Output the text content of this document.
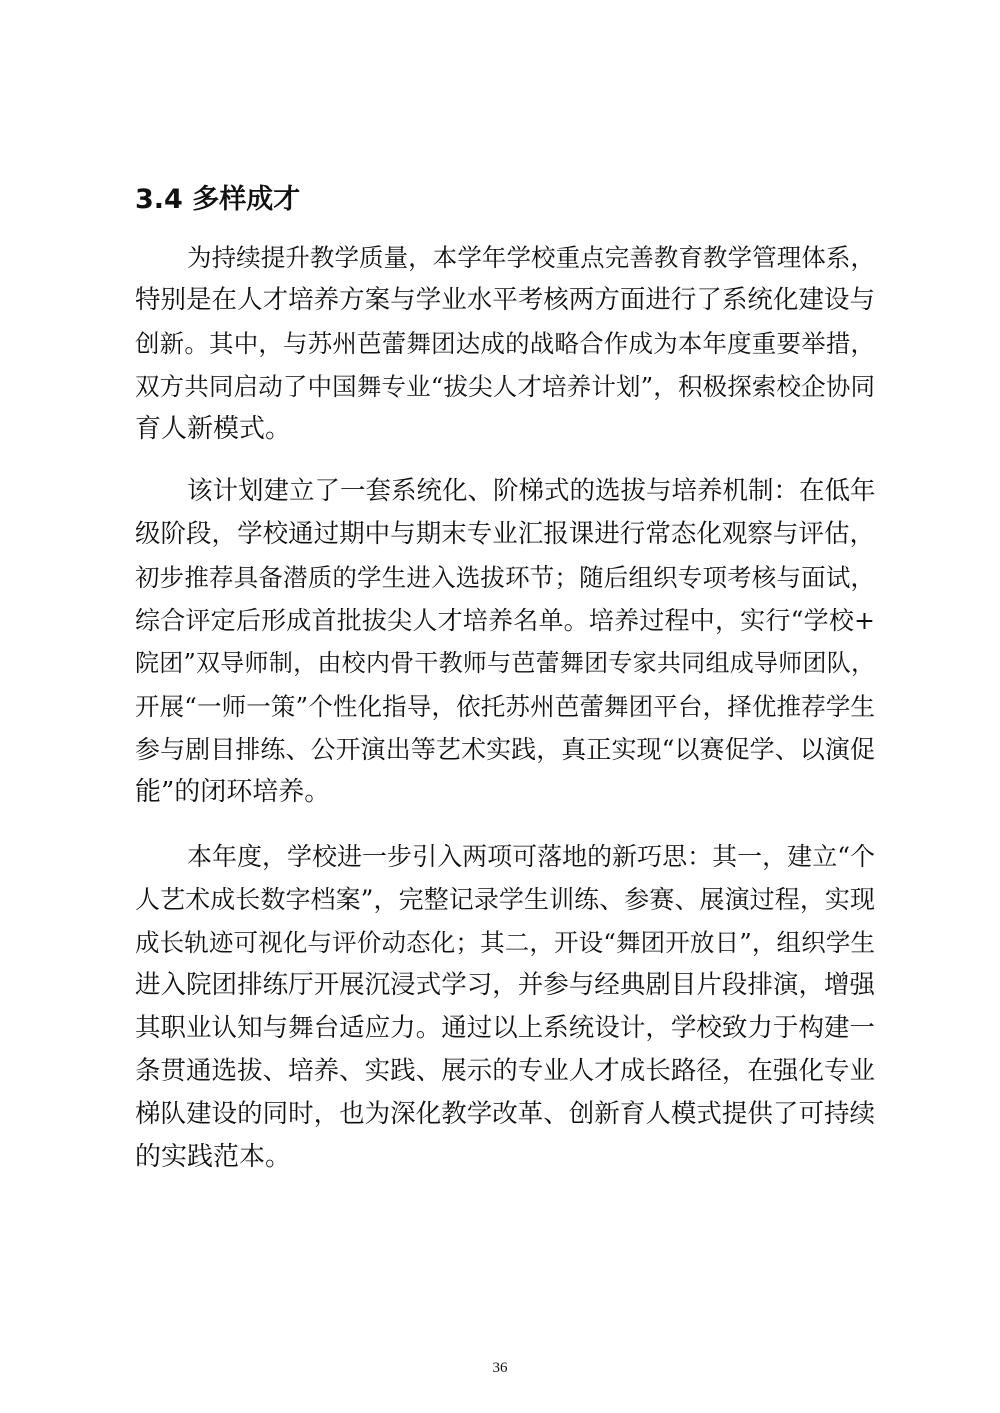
3.4 多样成才
为持续提升教学质量，本学年学校重点完善教育教学管理体系，
特别是在人才培养方案与学业水平考核两方面进行了系统化建设与
创新。其中，与苏州芭蕾舞团达成的战略合作成为本年度重要举措，
双方共同启动了中国舞专业“拔尖人才培养计划”，积极探索校企协同
育人新模式。
该计划建立了一套系统化、阶梯式的选拔与培养机制：在低年
级阶段，学校通过期中与期末专业汇报课进行常态化观察与评估，
初步推荐具备潜质的学生进入选拔环节；随后组织专项考核与面试，
综合评定后形成首批拔尖人才培养名单。培养过程中，实行“学校+
院团”双导师制，由校内骨干教师与芭蕾舞团专家共同组成导师团队，
开展“一师一策”个性化指导，依托苏州芭蕾舞团平台，择优推荐学生
参与剧目排练、公开演出等艺术实践，真正实现“以赛促学、以演促
能”的闭环培养。
本年度，学校进一步引入两项可落地的新巧思：其一，建立“个
人艺术成长数字档案”，完整记录学生训练、参赛、展演过程，实现
成长轨迹可视化与评价动态化；其二，开设“舞团开放日”，组织学生
进入院团排练厅开展沉浸式学习，并参与经典剧目片段排演，增强
其职业认知与舞台适应力。通过以上系统设计，学校致力于构建一
条贯通选拔、培养、实践、展示的专业人才成长路径，在强化专业
梯队建设的同时，也为深化教学改革、创新育人模式提供了可持续
的实践范本。
36
